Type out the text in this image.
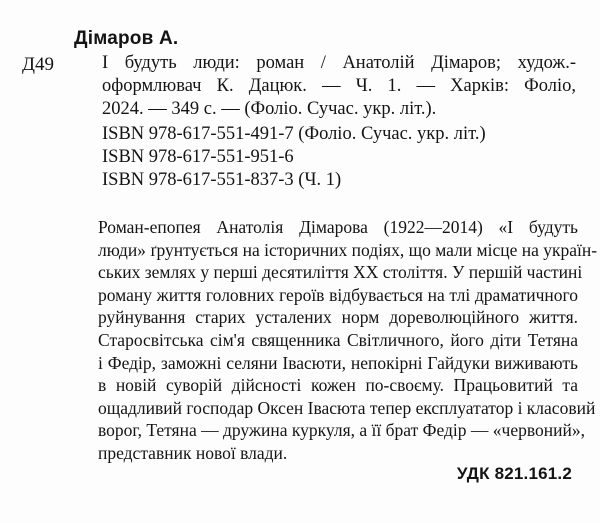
Дімаров А.
Д49	І будуть люди: роман / Анатолій Дімаров; худож.-
оформлювач К. Дацюк. — Ч. 1. — Харків: Фоліо,
2024. — 349 с. — (Фоліо. Сучас. укр. літ.).
ISBN 978-617-551-491-7 (Фоліо. Сучас. укр. літ.)
ISBN 978-617-551-951-6
ISBN 978-617-551-837-3 (Ч. 1)
Роман-епопея Анатолія Дімарова (1922—2014) «І будуть
люди» ґрунтується на історичних подіях, що мали місце на україн-
ських землях у перші десятиліття XX століття. У першій частині
роману життя головних героїв відбувається на тлі драматичного
руйнування старих усталених норм дореволюційного життя.
Старосвітська сім'я священника Світличного, його діти Тетяна
і Федір, заможні селяни Івасюти, непокірні Гайдуки виживають
в новій суворій дійсності кожен по-своєму. Працьовитий та
ощадливий господар Оксен Івасюта тепер експлуататор і класовий
ворог, Тетяна — дружина куркуля, а її брат Федір — «червоний»,
представник нової влади.
УДК 821.161.2
